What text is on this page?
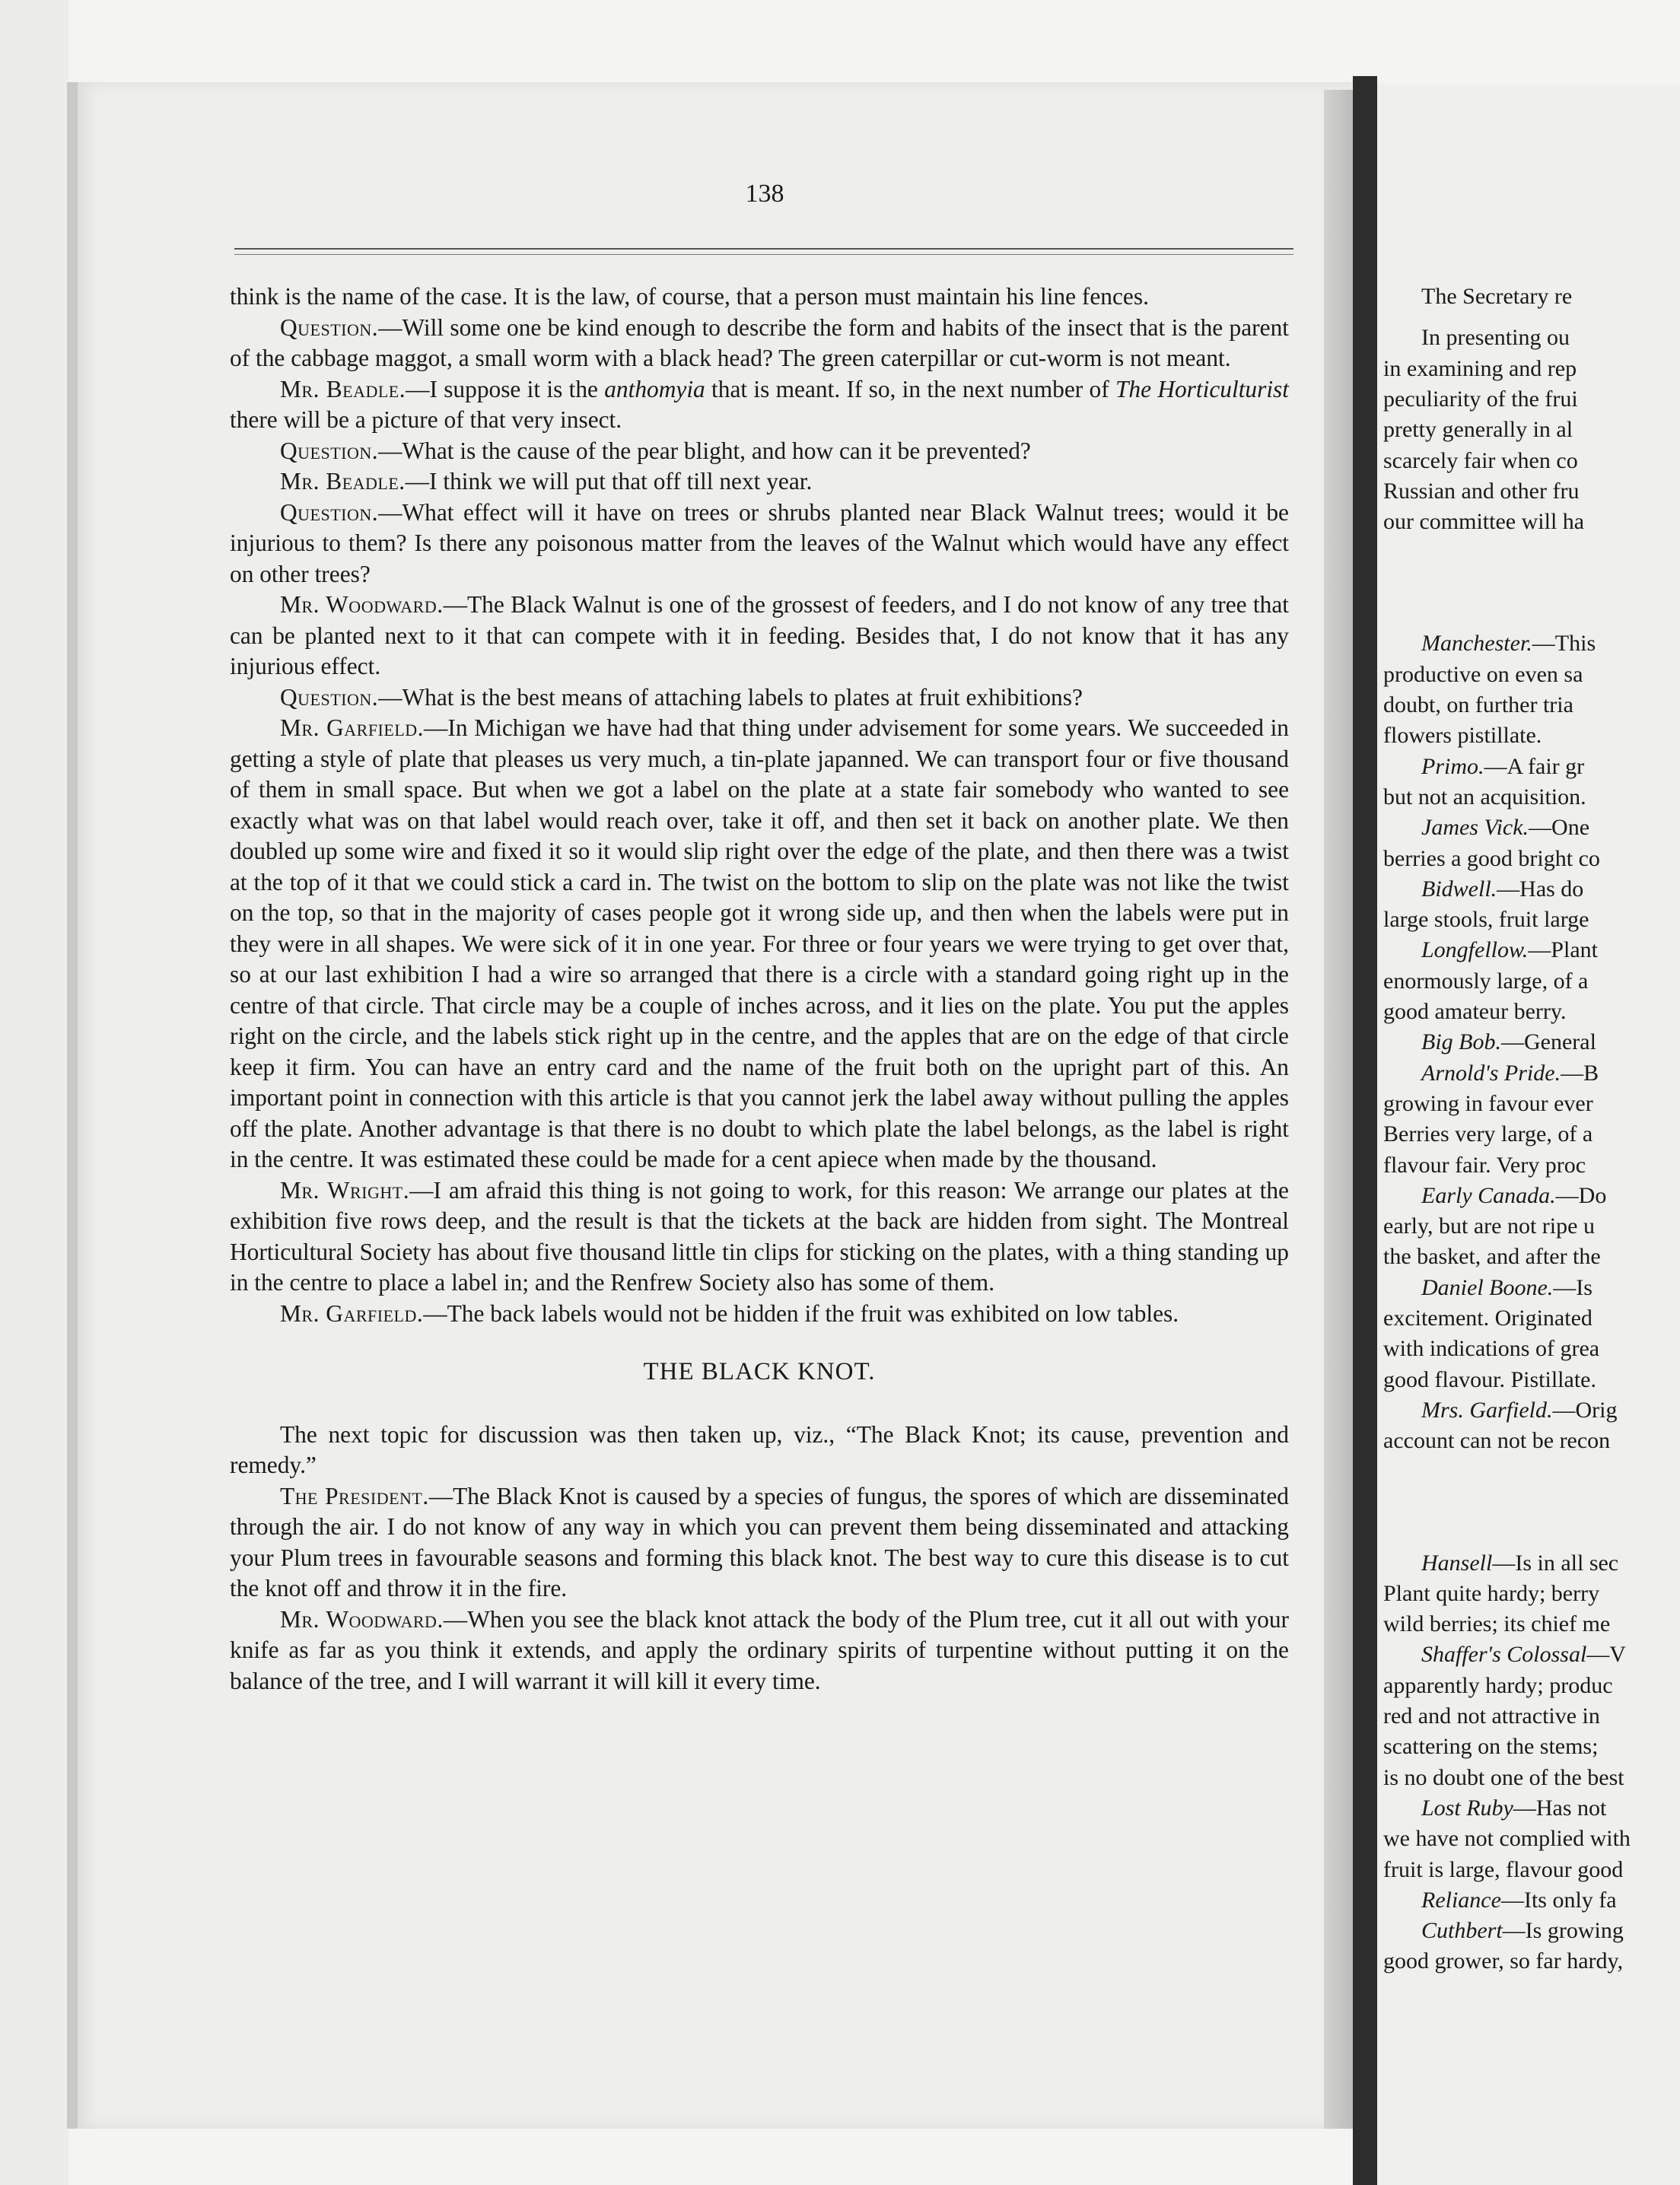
138

think is the name of the case. It is the law, of course, that a person must maintain his line fences.

Question.—Will some one be kind enough to describe the form and habits of the insect that is the parent of the cabbage maggot, a small worm with a black head? The green caterpillar or cut-worm is not meant.

Mr. Beadle.—I suppose it is the anthomyia that is meant. If so, in the next number of The Horticulturist there will be a picture of that very insect.

Question.—What is the cause of the pear blight, and how can it be prevented?

Mr. Beadle.—I think we will put that off till next year.

Question.—What effect will it have on trees or shrubs planted near Black Walnut trees; would it be injurious to them? Is there any poisonous matter from the leaves of the Walnut which would have any effect on other trees?

Mr. Woodward.—The Black Walnut is one of the grossest of feeders, and I do not know of any tree that can be planted next to it that can compete with it in feeding. Besides that, I do not know that it has any injurious effect.

Question.—What is the best means of attaching labels to plates at fruit exhibitions?

Mr. Garfield.—In Michigan we have had that thing under advisement for some years. We succeeded in getting a style of plate that pleases us very much, a tin-plate japanned. We can transport four or five thousand of them in small space. But when we got a label on the plate at a state fair somebody who wanted to see exactly what was on that label would reach over, take it off, and then set it back on another plate. We then doubled up some wire and fixed it so it would slip right over the edge of the plate, and then there was a twist at the top of it that we could stick a card in. The twist on the bottom to slip on the plate was not like the twist on the top, so that in the majority of cases people got it wrong side up, and then when the labels were put in they were in all shapes. We were sick of it in one year. For three or four years we were trying to get over that, so at our last exhibition I had a wire so arranged that there is a circle with a standard going right up in the centre of that circle. That circle may be a couple of inches across, and it lies on the plate. You put the apples right on the circle, and the labels stick right up in the centre, and the apples that are on the edge of that circle keep it firm. You can have an entry card and the name of the fruit both on the upright part of this. An important point in connection with this article is that you cannot jerk the label away without pulling the apples off the plate. Another advantage is that there is no doubt to which plate the label belongs, as the label is right in the centre. It was estimated these could be made for a cent apiece when made by the thousand.

Mr. Wright.—I am afraid this thing is not going to work, for this reason: We arrange our plates at the exhibition five rows deep, and the result is that the tickets at the back are hidden from sight. The Montreal Horticultural Society has about five thousand little tin clips for sticking on the plates, with a thing standing up in the centre to place a label in; and the Renfrew Society also has some of them.

Mr. Garfield.—The back labels would not be hidden if the fruit was exhibited on low tables.

THE BLACK KNOT.

The next topic for discussion was then taken up, viz., “The Black Knot; its cause, prevention and remedy.”

The President.—The Black Knot is caused by a species of fungus, the spores of which are disseminated through the air. I do not know of any way in which you can prevent them being disseminated and attacking your Plum trees in favourable seasons and forming this black knot. The best way to cure this disease is to cut the knot off and throw it in the fire.

Mr. Woodward.—When you see the black knot attack the body of the Plum tree, cut it all out with your knife as far as you think it extends, and apply the ordinary spirits of turpentine without putting it on the balance of the tree, and I will warrant it will kill it every time.

The Secretary re
In presenting ou
in examining and rep
peculiarity of the frui
pretty generally in al
scarcely fair when co
Russian and other fru
our committee will ha
Manchester.—This
productive on even sa
doubt, on further tria
flowers pistillate.
Primo.—A fair gr
but not an acquisition.
James Vick.—One
berries a good bright co
Bidwell.—Has do
large stools, fruit large
Longfellow.—Plant
enormously large, of a
good amateur berry.
Big Bob.—General
Arnold's Pride.—B
growing in favour ever
Berries very large, of a
flavour fair. Very proc
Early Canada.—Do
early, but are not ripe u
the basket, and after the
Daniel Boone.—Is
excitement. Originated
with indications of grea
good flavour. Pistillate.
Mrs. Garfield.—Orig
account can not be recon
Hansell—Is in all sec
Plant quite hardy; berry
wild berries; its chief me
Shaffer's Colossal—V
apparently hardy; produc
red and not attractive in
scattering on the stems;
is no doubt one of the best
Lost Ruby—Has not
we have not complied with
fruit is large, flavour good
Reliance—Its only fa
Cuthbert—Is growing
good grower, so far hardy,
